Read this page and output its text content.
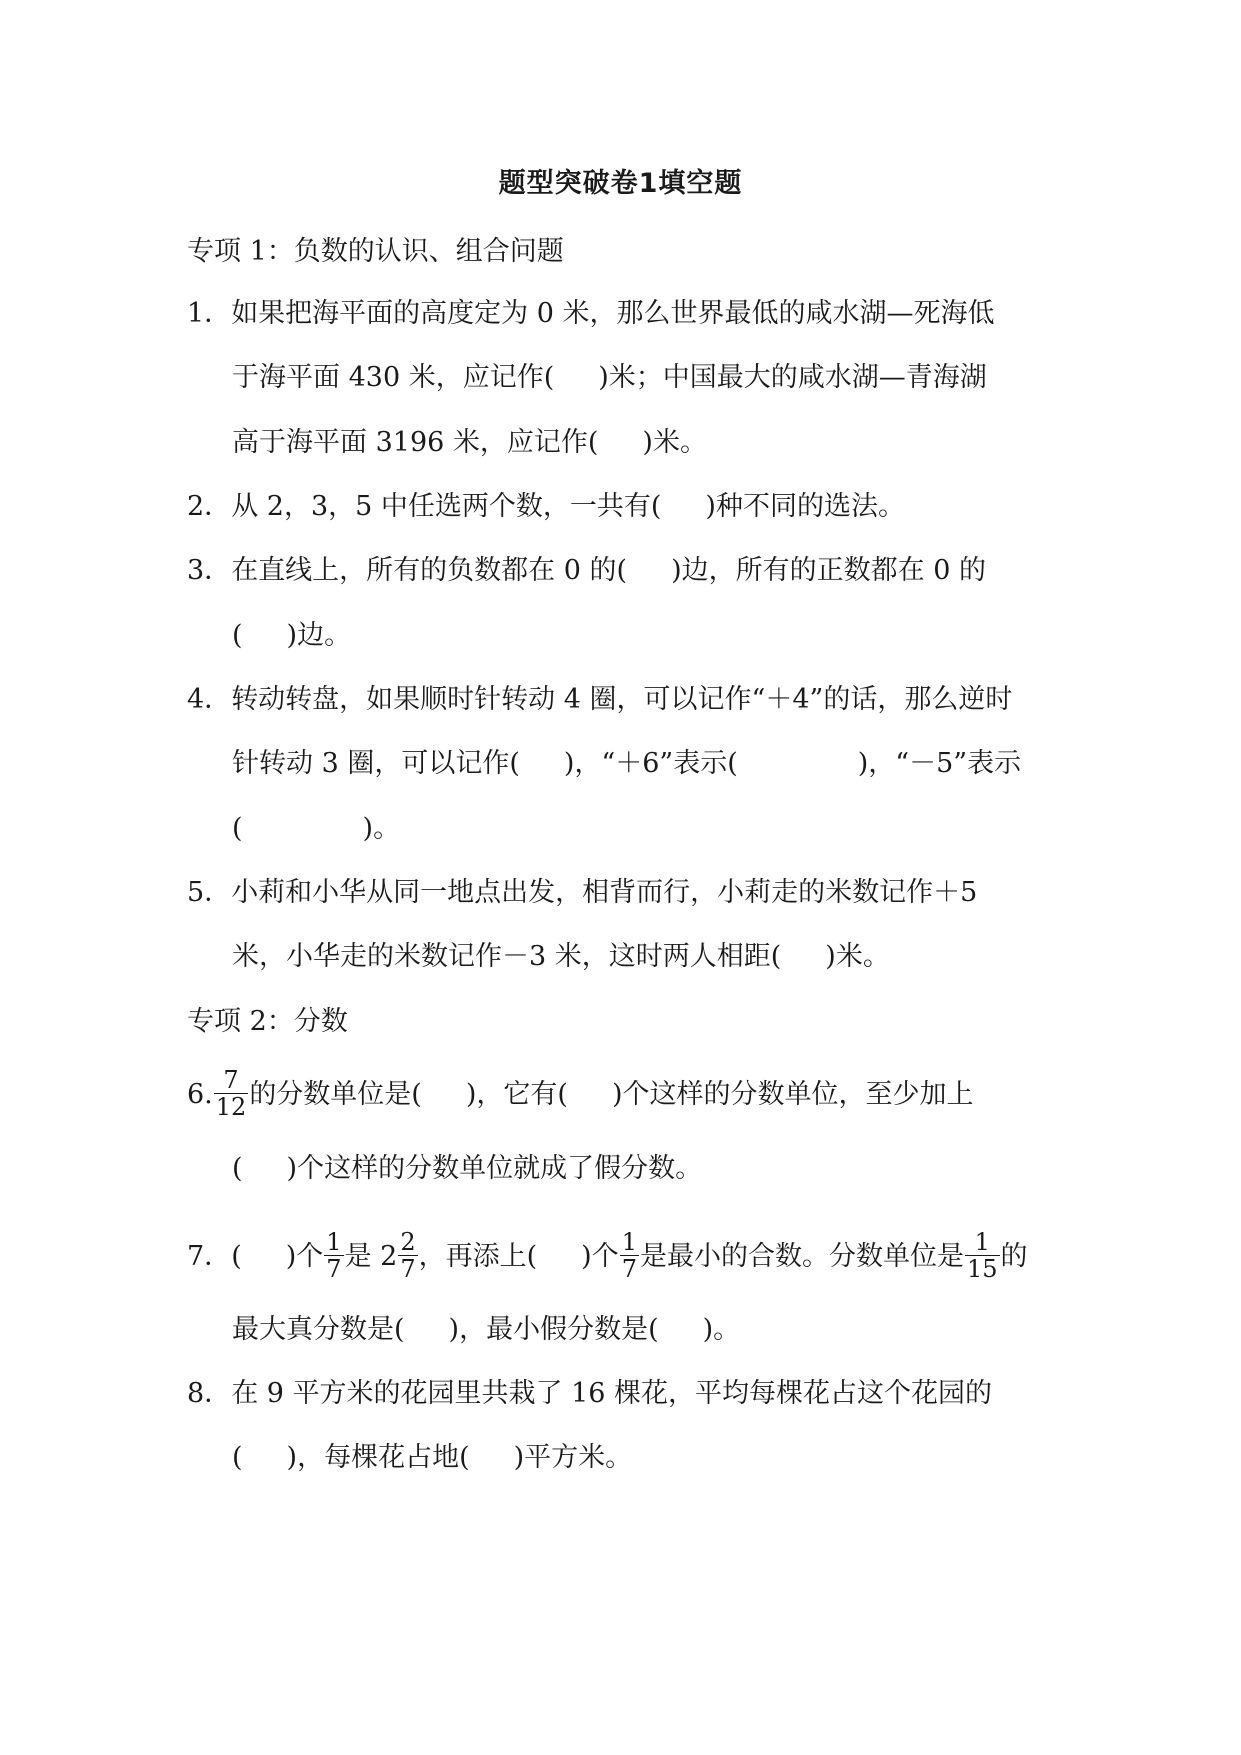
题型突破卷1填空题
专项 1：负数的认识、组合问题
1．如果把海平面的高度定为 0 米，那么世界最低的咸水湖—死海低
于海平面 430 米，应记作( )米；中国最大的咸水湖—青海湖
高于海平面 3196 米，应记作( )米。
2．从 2，3，5 中任选两个数，一共有( )种不同的选法。
3．在直线上，所有的负数都在 0 的( )边，所有的正数都在 0 的
( )边。
4．转动转盘，如果顺时针转动 4 圈，可以记作“＋4”的话，那么逆时
针转动 3 圈，可以记作( )，“＋6”表示(	)，“－5”表示
(	)。
5．小莉和小华从同一地点出发，相背而行，小莉走的米数记作＋5
米，小华走的米数记作－3 米，这时两人相距( )米。
专项 2：分数
6. $\frac{7}{12}$ 的分数单位是( )，它有( )个这样的分数单位，至少加上
( )个这样的分数单位就成了假分数。
7．( )个 $\frac{1}{7}$ 是 $2 \frac{2}{7}$ ，再添上( )个 $\frac{1}{7}$ 是最小的合数。分数单位是 $\frac{1}{15}$ 的
最大真分数是( )，最小假分数是( )。
8．在 9 平方米的花园里共栽了 16 棵花，平均每棵花占这个花园的
( )，每棵花占地( )平方米。
